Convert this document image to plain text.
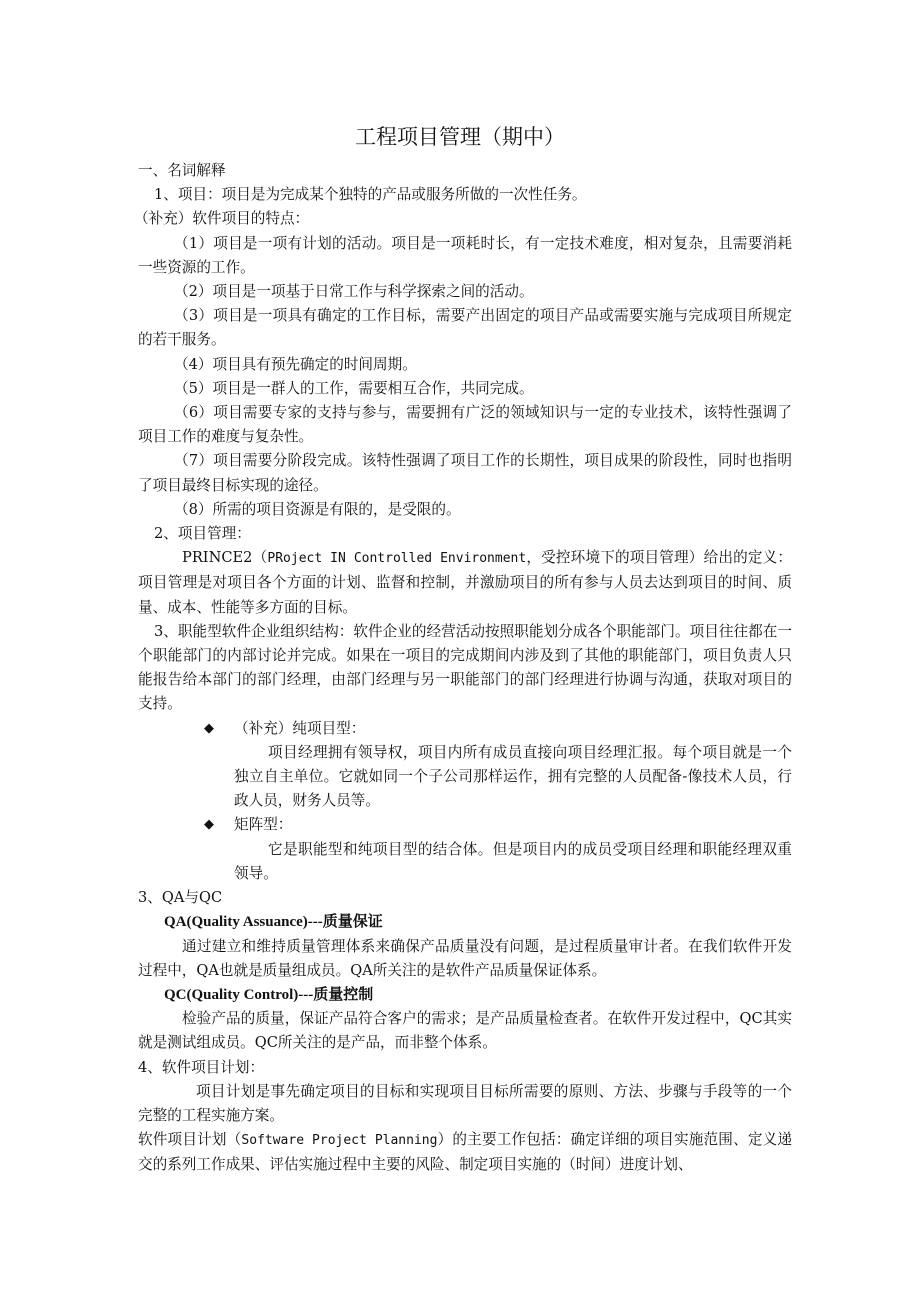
工程项目管理（期中）

一、名词解释

1、项目：项目是为完成某个独特的产品或服务所做的一次性任务。

（补充）软件项目的特点：

（1）项目是一项有计划的活动。项目是一项耗时长，有一定技术难度，相对复杂，且需要消耗一些资源的工作。

（2）项目是一项基于日常工作与科学探索之间的活动。

（3）项目是一项具有确定的工作目标，需要产出固定的项目产品或需要实施与完成项目所规定的若干服务。

（4）项目具有预先确定的时间周期。

（5）项目是一群人的工作，需要相互合作，共同完成。

（6）项目需要专家的支持与参与，需要拥有广泛的领域知识与一定的专业技术，该特性强调了项目工作的难度与复杂性。

（7）项目需要分阶段完成。该特性强调了项目工作的长期性，项目成果的阶段性，同时也指明了项目最终目标实现的途径。

（8）所需的项目资源是有限的，是受限的。

2、项目管理：

PRINCE2（PRoject IN Controlled Environment，受控环境下的项目管理）给出的定义：项目管理是对项目各个方面的计划、监督和控制，并激励项目的所有参与人员去达到项目的时间、质量、成本、性能等多方面的目标。

3、职能型软件企业组织结构：软件企业的经营活动按照职能划分成各个职能部门。项目往往都在一个职能部门的内部讨论并完成。如果在一项目的完成期间内涉及到了其他的职能部门，项目负责人只能报告给本部门的部门经理，由部门经理与另一职能部门的部门经理进行协调与沟通，获取对项目的支持。

◆ （补充）纯项目型：

项目经理拥有领导权，项目内所有成员直接向项目经理汇报。每个项目就是一个独立自主单位。它就如同一个子公司那样运作，拥有完整的人员配备-像技术人员，行政人员，财务人员等。

◆ 矩阵型：

它是职能型和纯项目型的结合体。但是项目内的成员受项目经理和职能经理双重领导。

3、QA与QC

QA(Quality Assuance)---质量保证

通过建立和维持质量管理体系来确保产品质量没有问题，是过程质量审计者。在我们软件开发过程中，QA也就是质量组成员。QA所关注的是软件产品质量保证体系。

QC(Quality Control)---质量控制

检验产品的质量，保证产品符合客户的需求；是产品质量检查者。在软件开发过程中，QC其实就是测试组成员。QC所关注的是产品，而非整个体系。

4、软件项目计划：

项目计划是事先确定项目的目标和实现项目目标所需要的原则、方法、步骤与手段等的一个完整的工程实施方案。

软件项目计划（Software Project Planning）的主要工作包括：确定详细的项目实施范围、定义递交的系列工作成果、评估实施过程中主要的风险、制定项目实施的（时间）进度计划、
